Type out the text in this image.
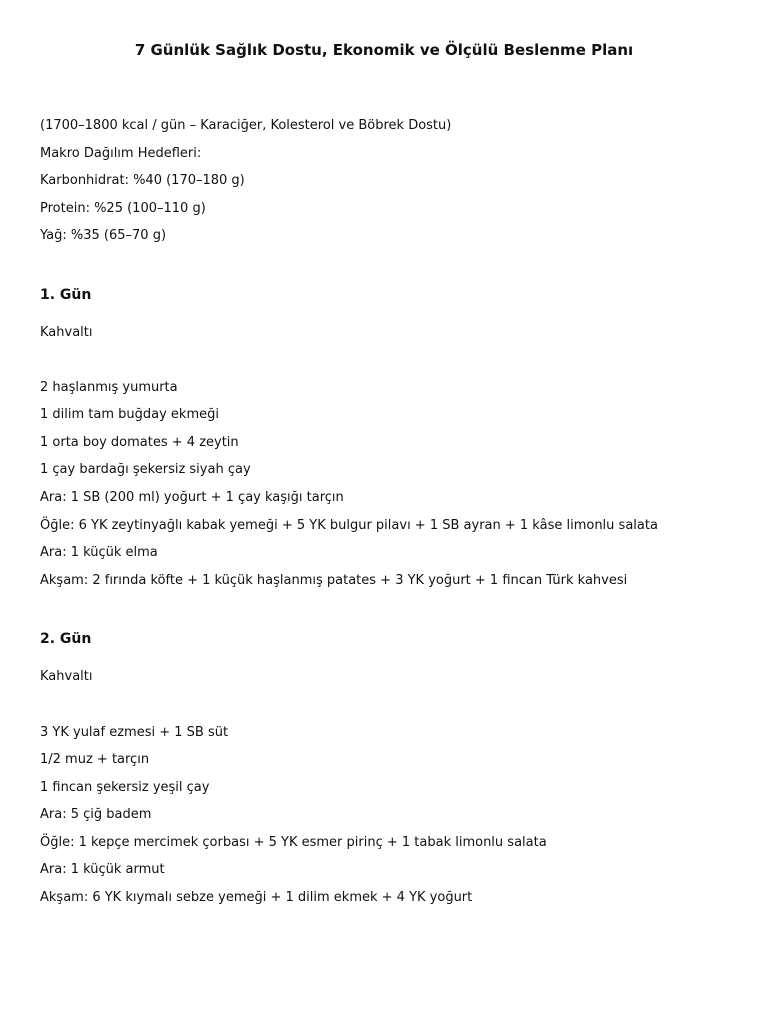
7 Günlük Sağlık Dostu, Ekonomik ve Ölçülü Beslenme Planı
(1700–1800 kcal / gün – Karaciğer, Kolesterol ve Böbrek Dostu)
Makro Dağılım Hedefleri:
Karbonhidrat: %40 (170–180 g)
Protein: %25 (100–110 g)
Yağ: %35 (65–70 g)
1. Gün
Kahvaltı
2 haşlanmış yumurta
1 dilim tam buğday ekmeği
1 orta boy domates + 4 zeytin
1 çay bardağı şekersiz siyah çay
Ara: 1 SB (200 ml) yoğurt + 1 çay kaşığı tarçın
Öğle: 6 YK zeytinyağlı kabak yemeği + 5 YK bulgur pilavı + 1 SB ayran + 1 kâse limonlu salata
Ara: 1 küçük elma
Akşam: 2 fırında köfte + 1 küçük haşlanmış patates + 3 YK yoğurt + 1 fincan Türk kahvesi
2. Gün
Kahvaltı
3 YK yulaf ezmesi + 1 SB süt
1/2 muz + tarçın
1 fincan şekersiz yeşil çay
Ara: 5 çiğ badem
Öğle: 1 kepçe mercimek çorbası + 5 YK esmer pirinç + 1 tabak limonlu salata
Ara: 1 küçük armut
Akşam: 6 YK kıymalı sebze yemeği + 1 dilim ekmek + 4 YK yoğurt
